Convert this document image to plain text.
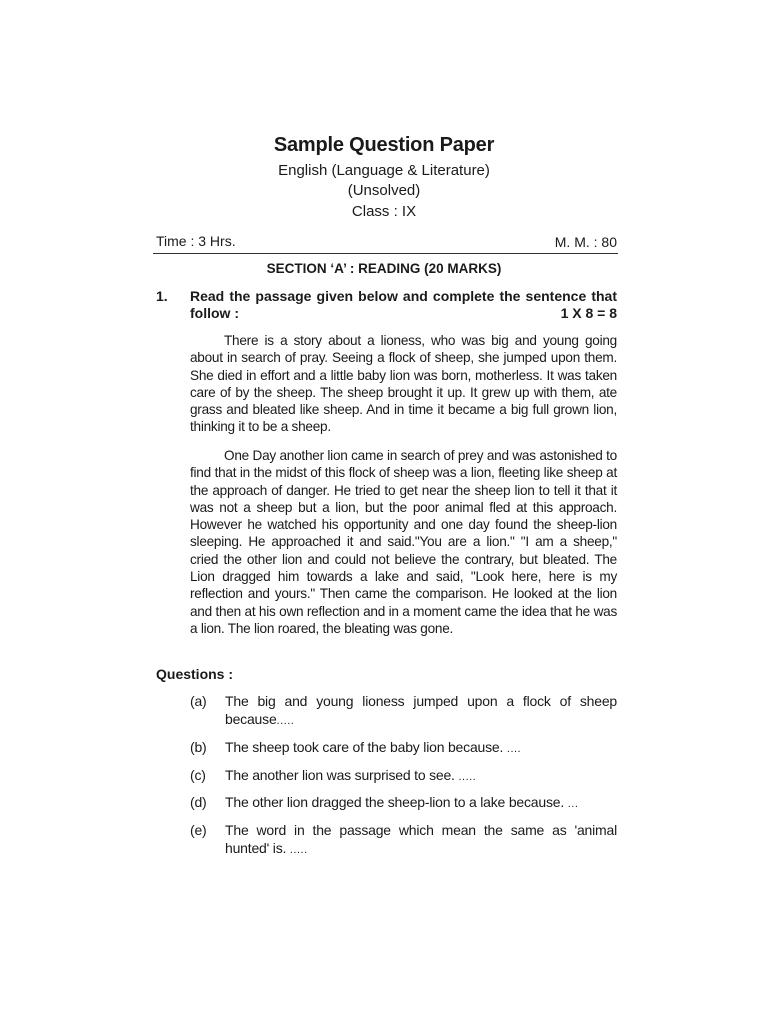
Sample Question Paper
English (Language & Literature)
(Unsolved)
Class : IX
Time : 3 Hrs.	M. M. : 80
SECTION ‘A’ : READING (20 MARKS)
1. Read the passage given below and complete the sentence that follow :	1 X 8 = 8

There is a story about a lioness, who was big and young going about in search of pray. Seeing a flock of sheep, she jumped upon them. She died in effort and a little baby lion was born, motherless. It was taken care of by the sheep. The sheep brought it up. It grew up with them, ate grass and bleated like sheep. And in time it became a big full grown lion, thinking it to be a sheep.

One Day another lion came in search of prey and was astonished to find that in the midst of this flock of sheep was a lion, fleeting like sheep at the approach of danger. He tried to get near the sheep lion to tell it that it was not a sheep but a lion, but the poor animal fled at this approach. However he watched his opportunity and one day found the sheep-lion sleeping. He approached it and said."You are a lion." "I am a sheep," cried the other lion and could not believe the contrary, but bleated. The Lion dragged him towards a lake and said, "Look here, here is my reflection and yours." Then came the comparison. He looked at the lion and then at his own reflection and in a moment came the idea that he was a lion. The lion roared, the bleating was gone.

Questions :
(a) The big and young lioness jumped upon a flock of sheep because.....
(b) The sheep took care of the baby lion because. ....
(c) The another lion was surprised to see. .....
(d) The other lion dragged the sheep-lion to a lake because. ...
(e) The word in the passage which mean the same as 'animal hunted' is. .....
